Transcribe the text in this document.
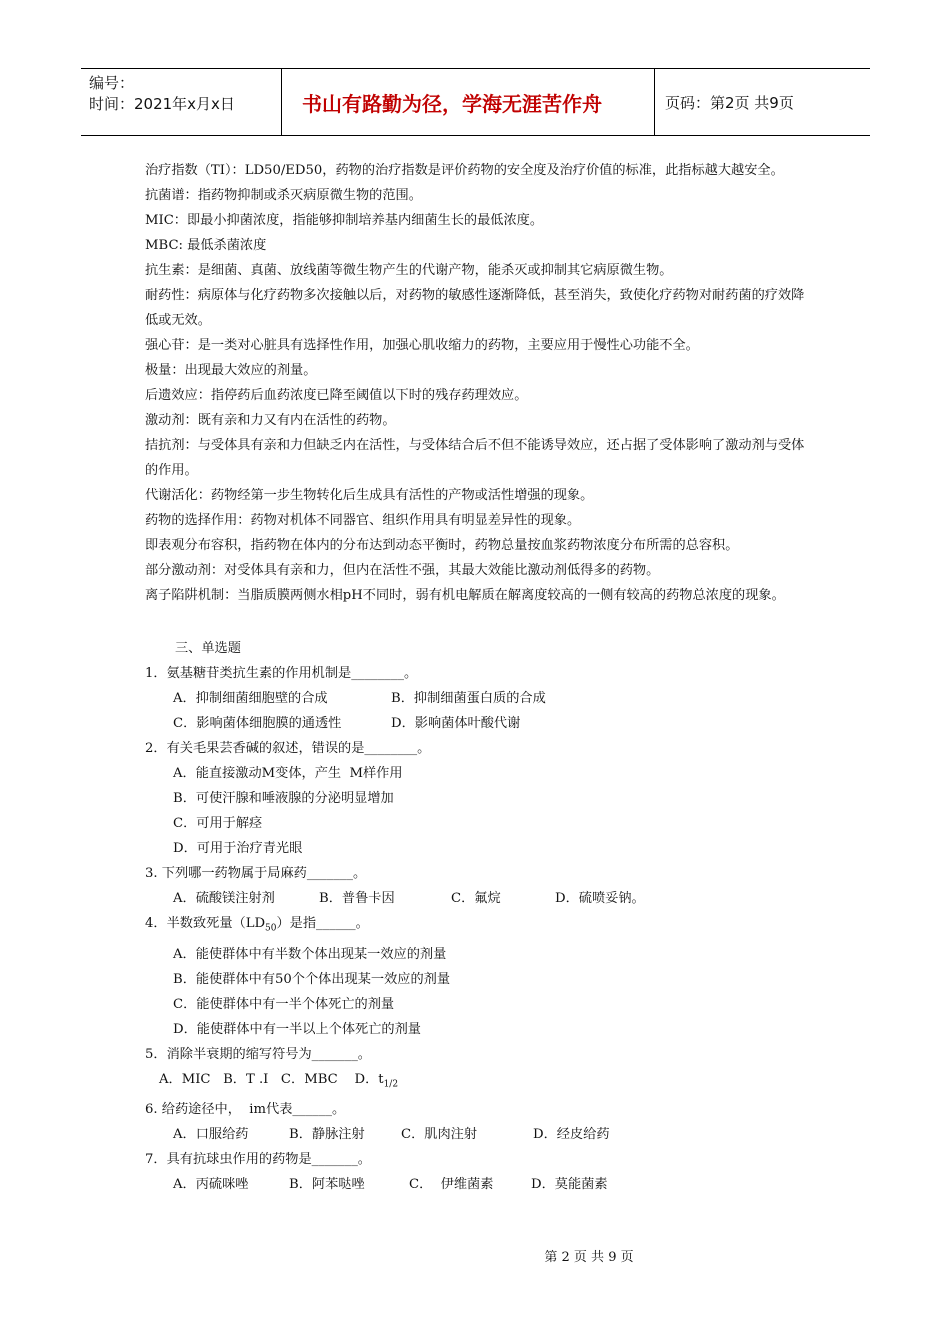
编号：
时间：2021年x月x日	书山有路勤为径，学海无涯苦作舟	页码：第2页 共9页
治疗指数（TI）：LD50/ED50，药物的治疗指数是评价药物的安全度及治疗价值的标准，此指标越大越安全。
抗菌谱：指药物抑制或杀灭病原微生物的范围。
MIC：即最小抑菌浓度，指能够抑制培养基内细菌生长的最低浓度。
MBC: 最低杀菌浓度
抗生素：是细菌、真菌、放线菌等微生物产生的代谢产物，能杀灭或抑制其它病原微生物。
耐药性：病原体与化疗药物多次接触以后，对药物的敏感性逐渐降低，甚至消失，致使化疗药物对耐药菌的疗效降低或无效。
强心苷：是一类对心脏具有选择性作用，加强心肌收缩力的药物，主要应用于慢性心功能不全。
极量：出现最大效应的剂量。
后遗效应：指停药后血药浓度已降至阈值以下时的残存药理效应。
激动剂：既有亲和力又有内在活性的药物。
拮抗剂：与受体具有亲和力但缺乏内在活性，与受体结合后不但不能诱导效应，还占据了受体影响了激动剂与受体的作用。
代谢活化：药物经第一步生物转化后生成具有活性的产物或活性增强的现象。
药物的选择作用：药物对机体不同器官、组织作用具有明显差异性的现象。
即表观分布容积，指药物在体内的分布达到动态平衡时，药物总量按血浆药物浓度分布所需的总容积。
部分激动剂：对受体具有亲和力，但内在活性不强，其最大效能比激动剂低得多的药物。
离子陷阱机制：当脂质膜两侧水相pH不同时，弱有机电解质在解离度较高的一侧有较高的药物总浓度的现象。
三、单选题
1．氨基糖苷类抗生素的作用机制是________。
A．抑制细菌细胞壁的合成	B．抑制细菌蛋白质的合成
C．影响菌体细胞膜的通透性	D．影响菌体叶酸代谢
2．有关毛果芸香碱的叙述，错误的是________。
A．能直接激动M变体，产生  M样作用
B．可使汗腺和唾液腺的分泌明显增加
C．可用于解痉
D．可用于治疗青光眼
3. 下列哪一药物属于局麻药_______。
A．硫酸镁注射剂	B．普鲁卡因	C．氟烷	D．硫喷妥钠。
4．半数致死量$(LD_{50})$是指______。
A．能使群体中有半数个体出现某一效应的剂量
B．能使群体中有50个个体出现某一效应的剂量
C．能使群体中有一半个体死亡的剂量
D．能使群体中有一半以上个体死亡的剂量
5．消除半衰期的缩写符号为_______。
A．MIC   B．T .I   C．MBC    D．$t_{1/2}$
6. 给药途径中，  im代表______。
A．口服给药	B．静脉注射	C．肌肉注射	D．经皮给药
7．具有抗球虫作用的药物是_______。
A．丙硫咪唑	B．阿苯哒唑	C．  伊维菌素	D．莫能菌素
第 2 页 共 9 页
